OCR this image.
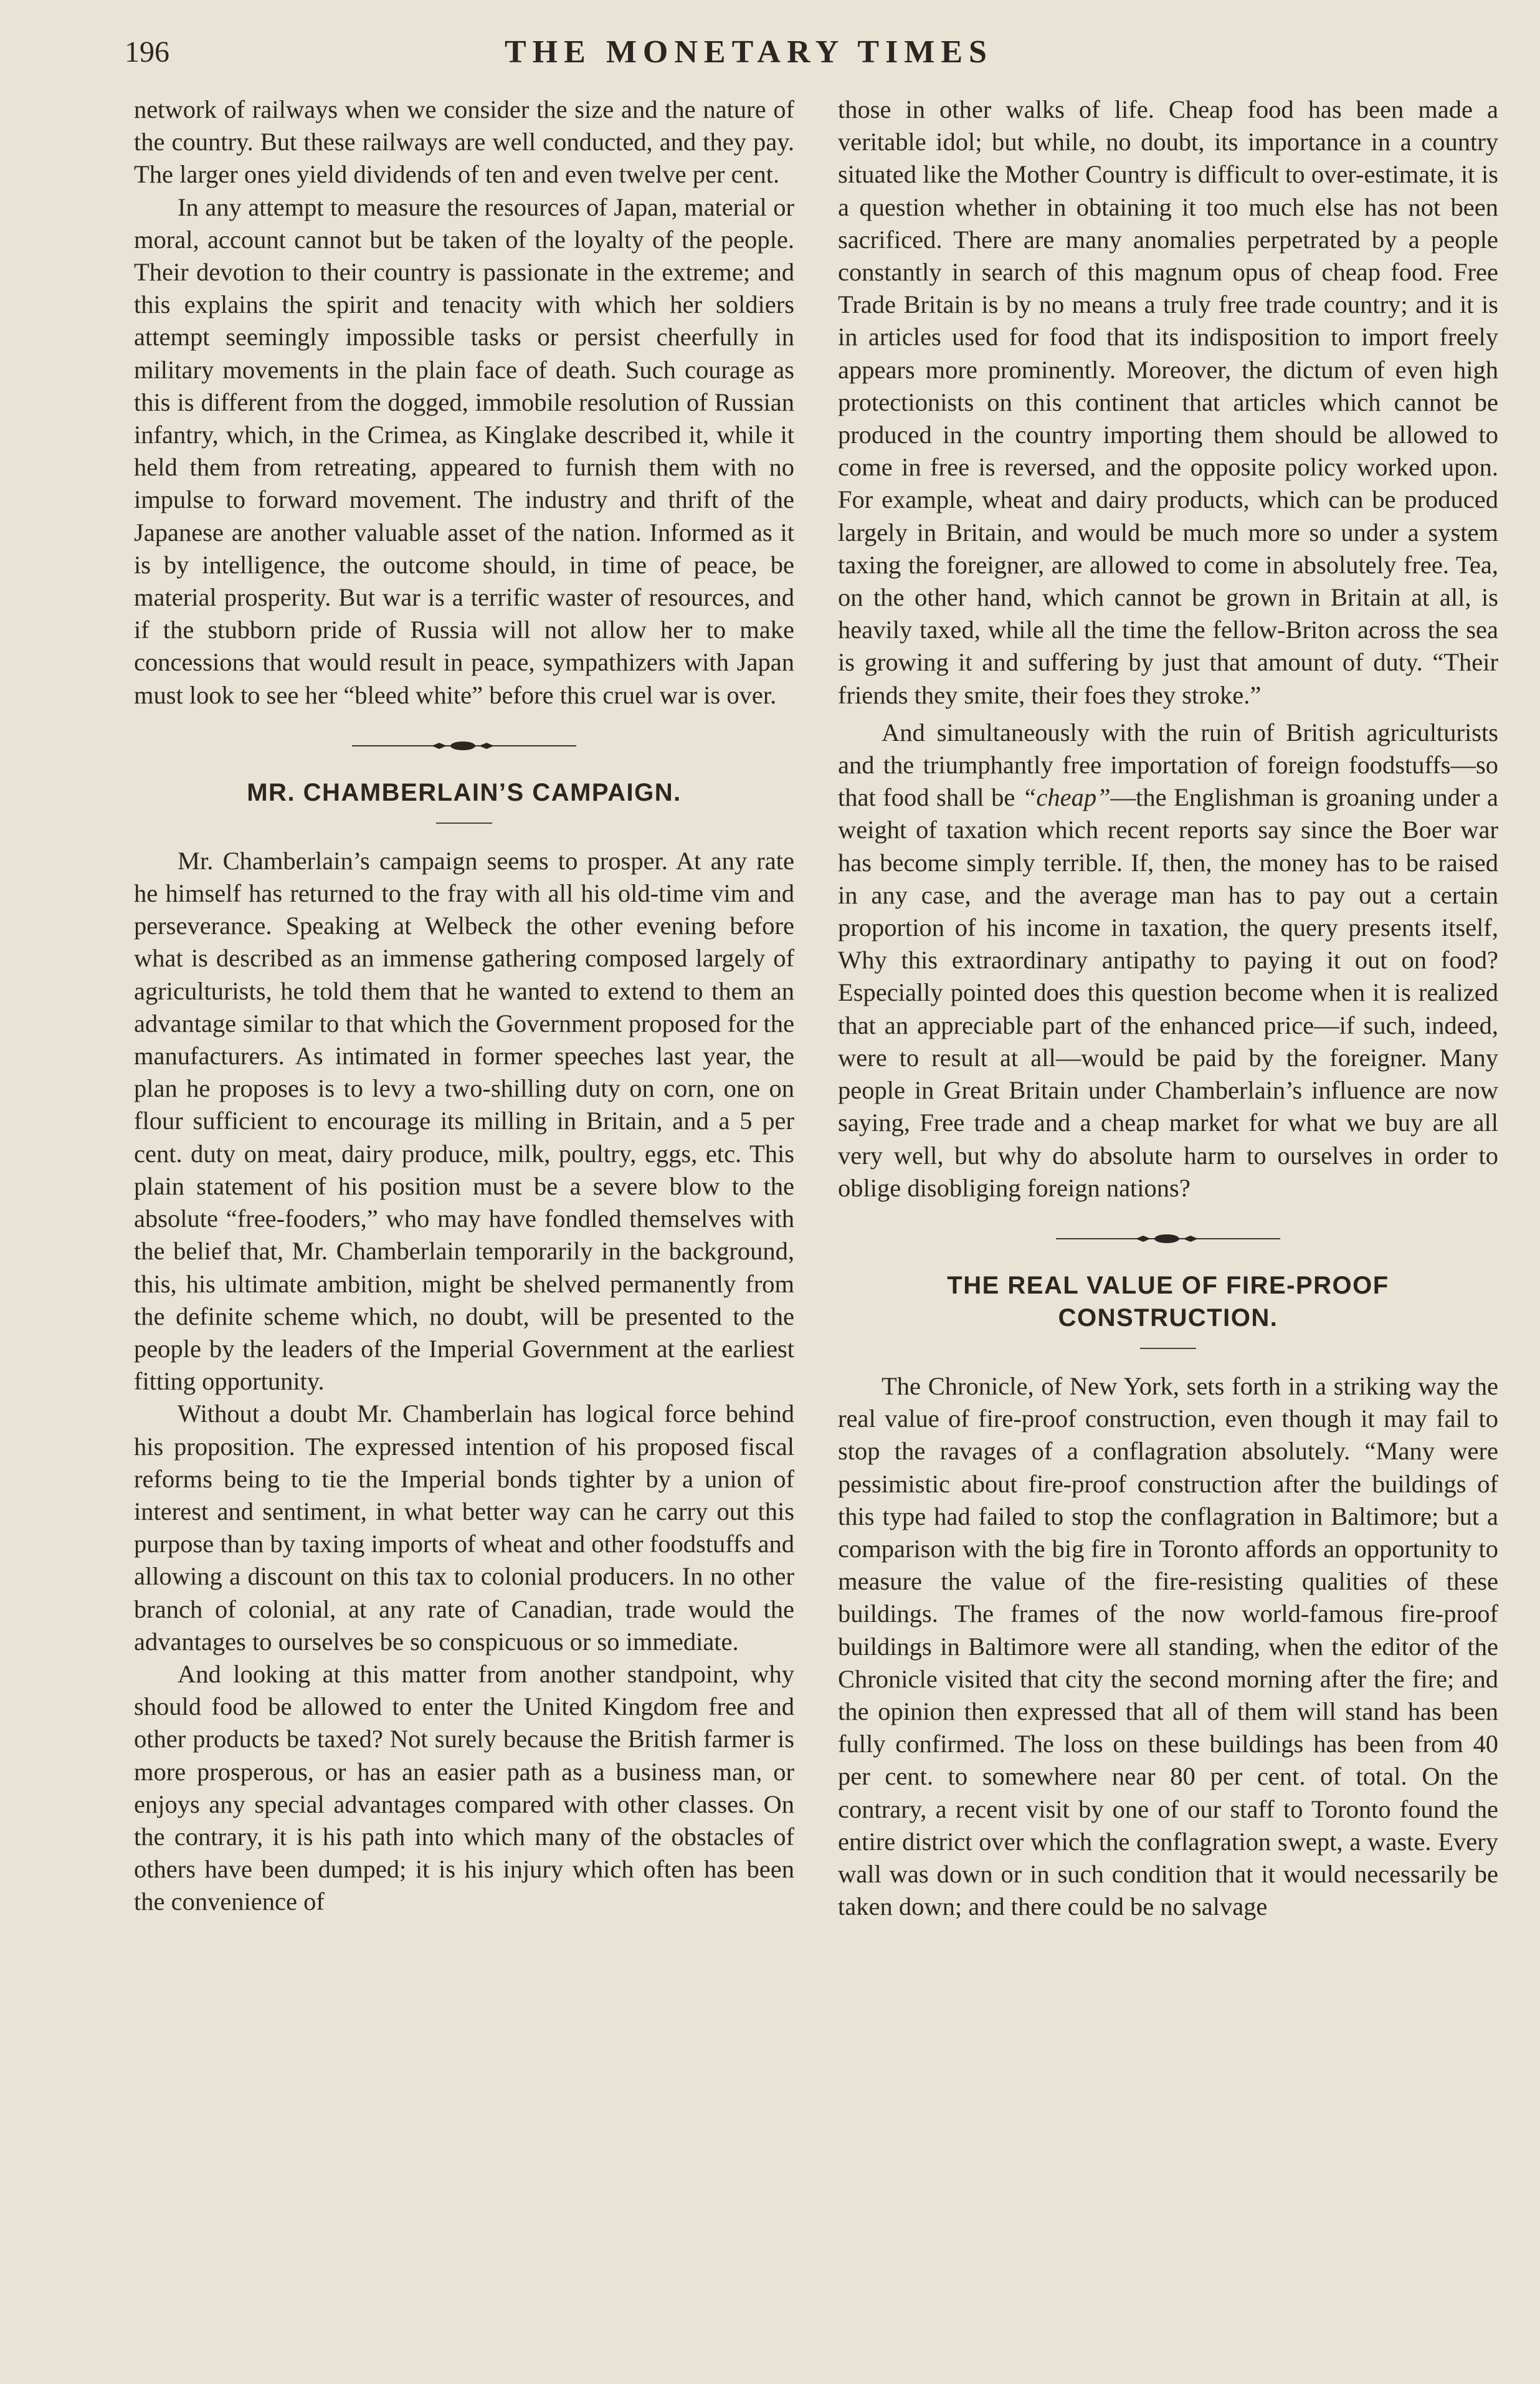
196	THE MONETARY TIMES

network of railways when we consider the size and the nature of the country. But these railways are well conducted, and they pay. The larger ones yield dividends of ten and even twelve per cent.

In any attempt to measure the resources of Japan, material or moral, account cannot but be taken of the loyalty of the people. Their devotion to their country is passionate in the extreme; and this explains the spirit and tenacity with which her soldiers attempt seemingly impossible tasks or persist cheerfully in military movements in the plain face of death. Such courage as this is different from the dogged, immobile resolution of Russian infantry, which, in the Crimea, as Kinglake described it, while it held them from retreating, appeared to furnish them with no impulse to forward movement. The industry and thrift of the Japanese are another valuable asset of the nation. Informed as it is by intelligence, the outcome should, in time of peace, be material prosperity. But war is a terrific waster of resources, and if the stubborn pride of Russia will not allow her to make concessions that would result in peace, sympathizers with Japan must look to see her “bleed white” before this cruel war is over.

MR. CHAMBERLAIN’S CAMPAIGN.

Mr. Chamberlain’s campaign seems to prosper. At any rate he himself has returned to the fray with all his old-time vim and perseverance. Speaking at Welbeck the other evening before what is described as an immense gathering composed largely of agriculturists, he told them that he wanted to extend to them an advantage similar to that which the Government proposed for the manufacturers. As intimated in former speeches last year, the plan he proposes is to levy a two-shilling duty on corn, one on flour sufficient to encourage its milling in Britain, and a 5 per cent. duty on meat, dairy produce, milk, poultry, eggs, etc. This plain statement of his position must be a severe blow to the absolute “free-fooders,” who may have fondled themselves with the belief that, Mr. Chamberlain temporarily in the background, this, his ultimate ambition, might be shelved permanently from the definite scheme which, no doubt, will be presented to the people by the leaders of the Imperial Government at the earliest fitting opportunity.

Without a doubt Mr. Chamberlain has logical force behind his proposition. The expressed intention of his proposed fiscal reforms being to tie the Imperial bonds tighter by a union of interest and sentiment, in what better way can he carry out this purpose than by taxing imports of wheat and other foodstuffs and allowing a discount on this tax to colonial producers. In no other branch of colonial, at any rate of Canadian, trade would the advantages to ourselves be so conspicuous or so immediate.

And looking at this matter from another standpoint, why should food be allowed to enter the United Kingdom free and other products be taxed? Not surely because the British farmer is more prosperous, or has an easier path as a business man, or enjoys any special advantages compared with other classes. On the contrary, it is his path into which many of the obstacles of others have been dumped; it is his injury which often has been the convenience of

those in other walks of life. Cheap food has been made a veritable idol; but while, no doubt, its importance in a country situated like the Mother Country is difficult to over-estimate, it is a question whether in obtaining it too much else has not been sacrificed. There are many anomalies perpetrated by a people constantly in search of this magnum opus of cheap food. Free Trade Britain is by no means a truly free trade country; and it is in articles used for food that its indisposition to import freely appears more prominently. Moreover, the dictum of even high protectionists on this continent that articles which cannot be produced in the country importing them should be allowed to come in free is reversed, and the opposite policy worked upon. For example, wheat and dairy products, which can be produced largely in Britain, and would be much more so under a system taxing the foreigner, are allowed to come in absolutely free. Tea, on the other hand, which cannot be grown in Britain at all, is heavily taxed, while all the time the fellow-Briton across the sea is growing it and suffering by just that amount of duty. “Their friends they smite, their foes they stroke.”

And simultaneously with the ruin of British agriculturists and the triumphantly free importation of foreign foodstuffs—so that food shall be “cheap”—the Englishman is groaning under a weight of taxation which recent reports say since the Boer war has become simply terrible. If, then, the money has to be raised in any case, and the average man has to pay out a certain proportion of his income in taxation, the query presents itself, Why this extraordinary antipathy to paying it out on food? Especially pointed does this question become when it is realized that an appreciable part of the enhanced price—if such, indeed, were to result at all—would be paid by the foreigner. Many people in Great Britain under Chamberlain’s influence are now saying, Free trade and a cheap market for what we buy are all very well, but why do absolute harm to ourselves in order to oblige disobliging foreign nations?

THE REAL VALUE OF FIRE-PROOF
CONSTRUCTION.

The Chronicle, of New York, sets forth in a striking way the real value of fire-proof construction, even though it may fail to stop the ravages of a conflagration absolutely. “Many were pessimistic about fire-proof construction after the buildings of this type had failed to stop the conflagration in Baltimore; but a comparison with the big fire in Toronto affords an opportunity to measure the value of the fire-resisting qualities of these buildings. The frames of the now world-famous fire-proof buildings in Baltimore were all standing, when the editor of the Chronicle visited that city the second morning after the fire; and the opinion then expressed that all of them will stand has been fully confirmed. The loss on these buildings has been from 40 per cent. to somewhere near 80 per cent. of total. On the contrary, a recent visit by one of our staff to Toronto found the entire district over which the conflagration swept, a waste. Every wall was down or in such condition that it would necessarily be taken down; and there could be no salvage
